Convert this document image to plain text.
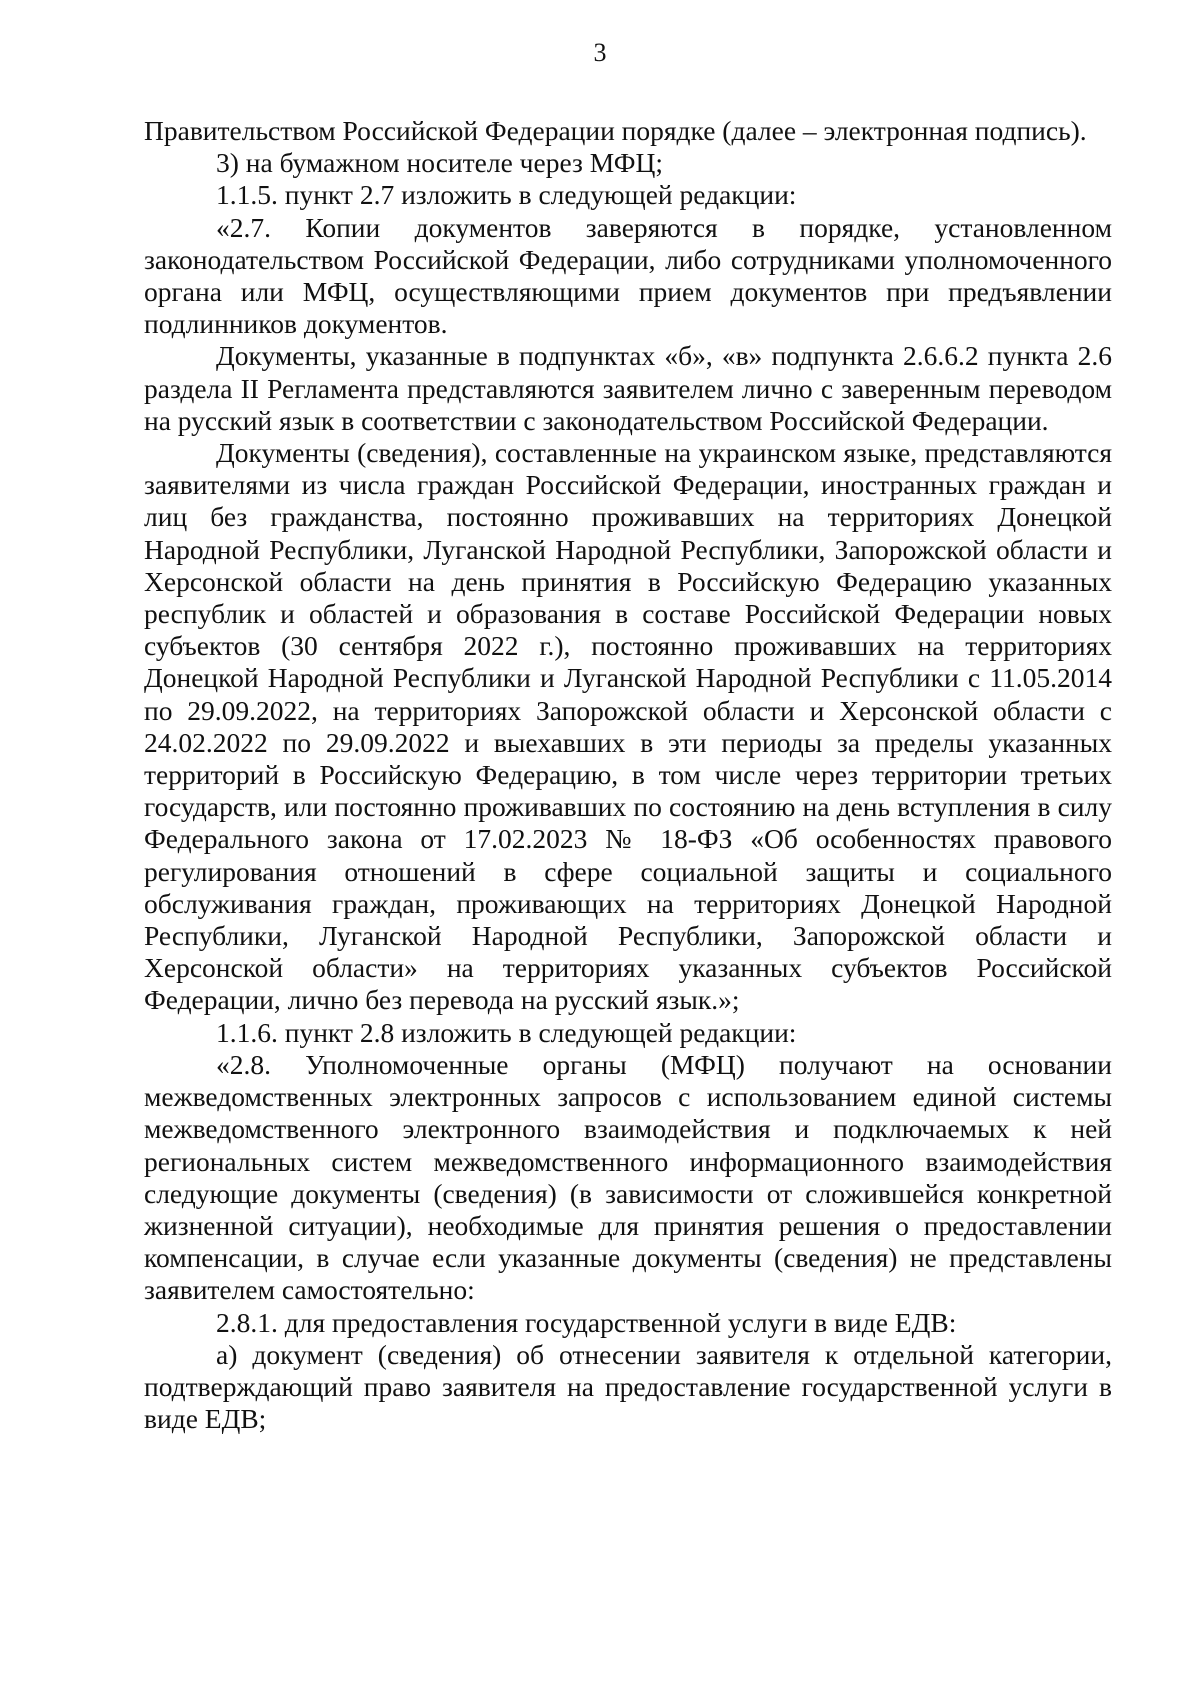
3

Правительством Российской Федерации порядке (далее – электронная подпись).

3) на бумажном носителе через МФЦ;

1.1.5. пункт 2.7 изложить в следующей редакции:

«2.7. Копии документов заверяются в порядке, установленном законодательством Российской Федерации, либо сотрудниками уполномоченного органа или МФЦ, осуществляющими прием документов при предъявлении подлинников документов.

Документы, указанные в подпунктах «б», «в» подпункта 2.6.6.2 пункта 2.6 раздела II Регламента представляются заявителем лично с заверенным переводом на русский язык в соответствии с законодательством Российской Федерации.

Документы (сведения), составленные на украинском языке, представляются заявителями из числа граждан Российской Федерации, иностранных граждан и лиц без гражданства, постоянно проживавших на территориях Донецкой Народной Республики, Луганской Народной Республики, Запорожской области и Херсонской области на день принятия в Российскую Федерацию указанных республик и областей и образования в составе Российской Федерации новых субъектов (30 сентября 2022 г.), постоянно проживавших на территориях Донецкой Народной Республики и Луганской Народной Республики с 11.05.2014 по 29.09.2022, на территориях Запорожской области и Херсонской области с 24.02.2022 по 29.09.2022 и выехавших в эти периоды за пределы указанных территорий в Российскую Федерацию, в том числе через территории третьих государств, или постоянно проживавших по состоянию на день вступления в силу Федерального закона от 17.02.2023 № 18-ФЗ «Об особенностях правового регулирования отношений в сфере социальной защиты и социального обслуживания граждан, проживающих на территориях Донецкой Народной Республики, Луганской Народной Республики, Запорожской области и Херсонской области» на территориях указанных субъектов Российской Федерации, лично без перевода на русский язык.»;

1.1.6. пункт 2.8 изложить в следующей редакции:

«2.8. Уполномоченные органы (МФЦ) получают на основании межведомственных электронных запросов с использованием единой системы межведомственного электронного взаимодействия и подключаемых к ней региональных систем межведомственного информационного взаимодействия следующие документы (сведения) (в зависимости от сложившейся конкретной жизненной ситуации), необходимые для принятия решения о предоставлении компенсации, в случае если указанные документы (сведения) не представлены заявителем самостоятельно:

2.8.1. для предоставления государственной услуги в виде ЕДВ:

а) документ (сведения) об отнесении заявителя к отдельной категории, подтверждающий право заявителя на предоставление государственной услуги в виде ЕДВ;
